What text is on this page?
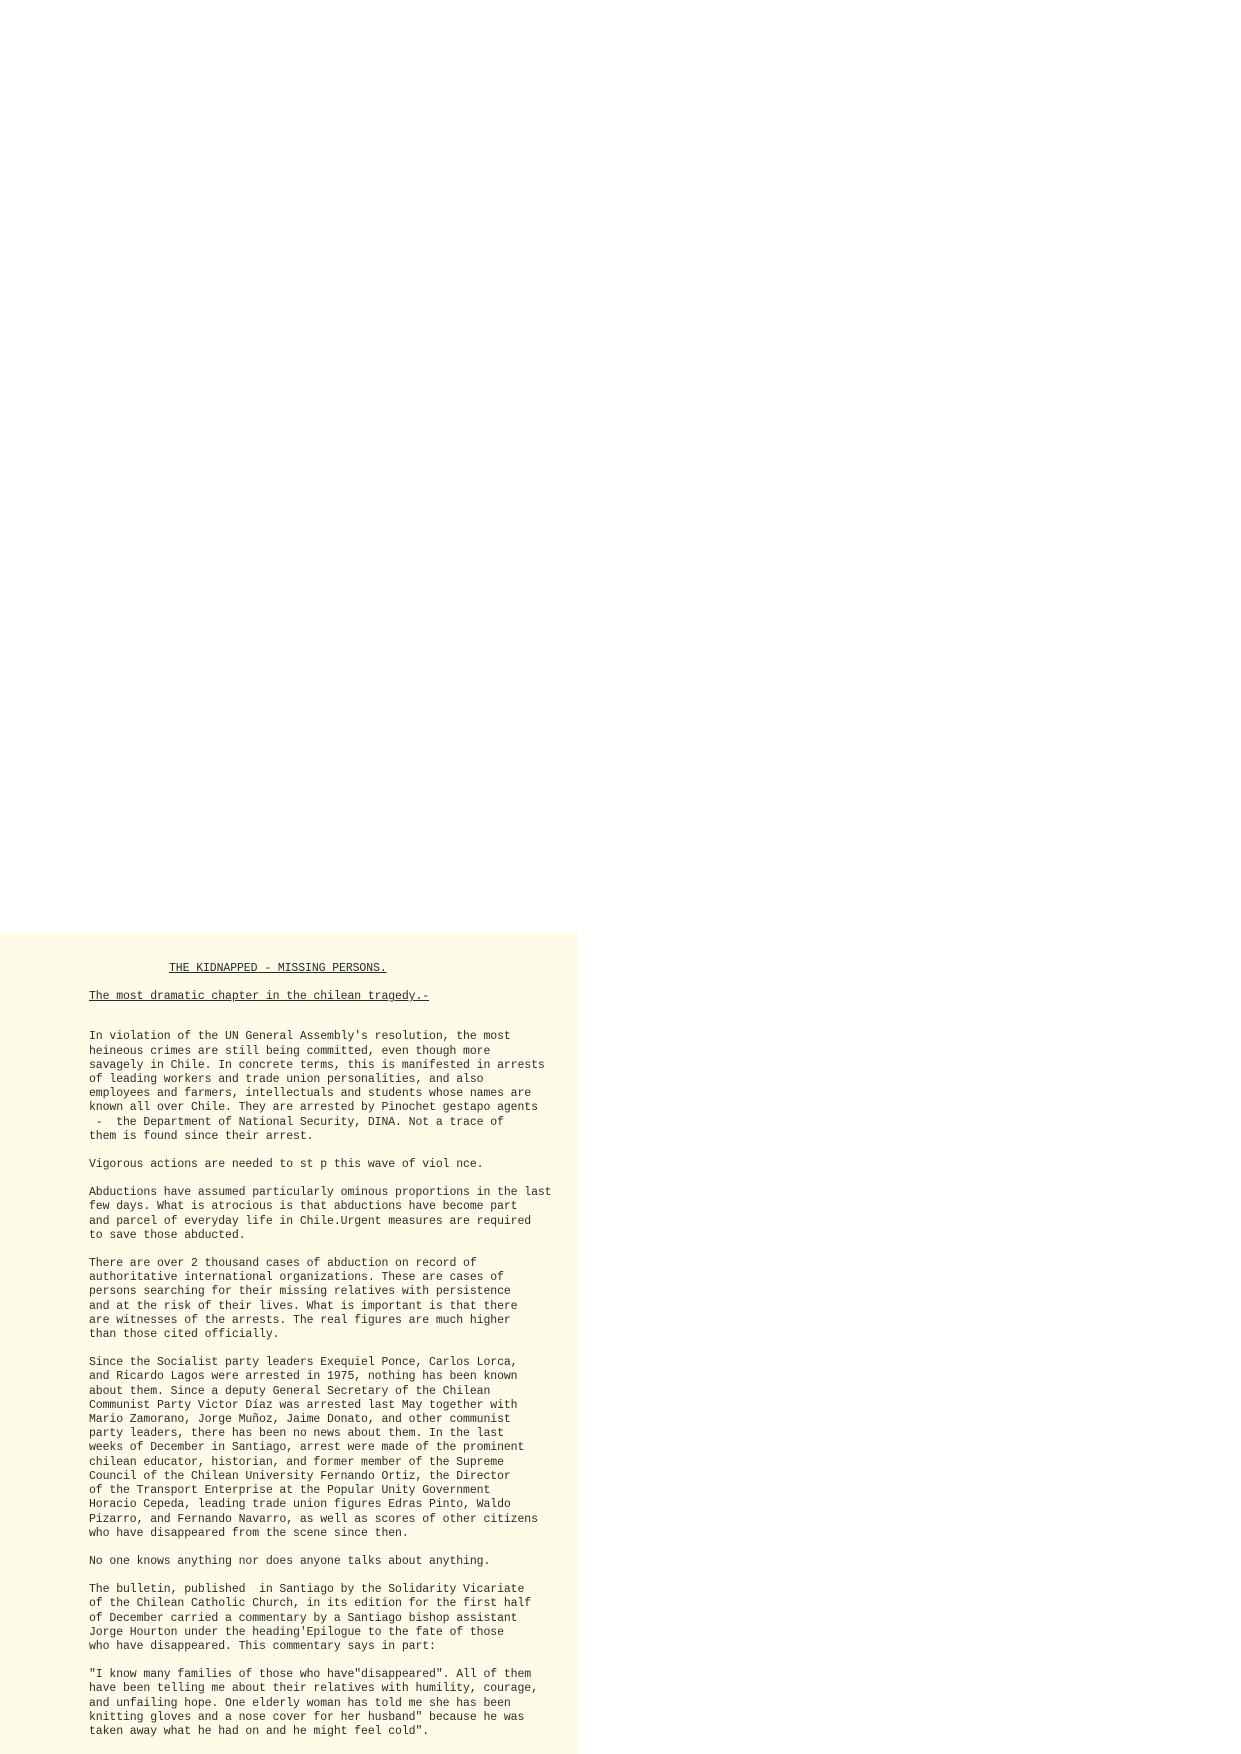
THE KIDNAPPED - MISSING PERSONS.
The most dramatic chapter in the chilean tragedy.-

In violation of the UN General Assembly's resolution, the most
heineous crimes are still being committed, even though more
savagely in Chile. In concrete terms, this is manifested in arrests
of leading workers and trade union personalities, and also
employees and farmers, intellectuals and students whose names are
known all over Chile. They are arrested by Pinochet gestapo agents
-  the Department of National Security, DINA. Not a trace of
them is found since their arrest.

Vigorous actions are needed to st p this wave of viol nce.

Abductions have assumed particularly ominous proportions in the last
few days. What is atrocious is that abductions have become part
and parcel of everyday life in Chile.Urgent measures are required
to save those abducted.

There are over 2 thousand cases of abduction on record of
authoritative international organizations. These are cases of
persons searching for their missing relatives with persistence
and at the risk of their lives. What is important is that there
are witnesses of the arrests. The real figures are much higher
than those cited officially.

Since the Socialist party leaders Exequiel Ponce, Carlos Lorca,
and Ricardo Lagos were arrested in 1975, nothing has been known
about them. Since a deputy General Secretary of the Chilean
Communist Party Victor Díaz was arrested last May together with
Mario Zamorano, Jorge Muñoz, Jaime Donato, and other communist
party leaders, there has been no news about them. In the last
weeks of December in Santiago, arrest were made of the prominent
chilean educator, historian, and former member of the Supreme
Council of the Chilean University Fernando Ortiz, the Director
of the Transport Enterprise at the Popular Unity Government
Horacio Cepeda, leading trade union figures Edras Pinto, Waldo
Pizarro, and Fernando Navarro, as well as scores of other citizens
who have disappeared from the scene since then.

No one knows anything nor does anyone talks about anything.

The bulletin, published  in Santiago by the Solidarity Vicariate
of the Chilean Catholic Church, in its edition for the first half
of December carried a commentary by a Santiago bishop assistant
Jorge Hourton under the heading'Epilogue to the fate of those
who have disappeared. This commentary says in part:

"I know many families of those who have"disappeared". All of them
have been telling me about their relatives with humility, courage,
and unfailing hope. One elderly woman has told me she has been
knitting gloves and a nose cover for her husband" because he was
taken away what he had on and he might feel cold".
